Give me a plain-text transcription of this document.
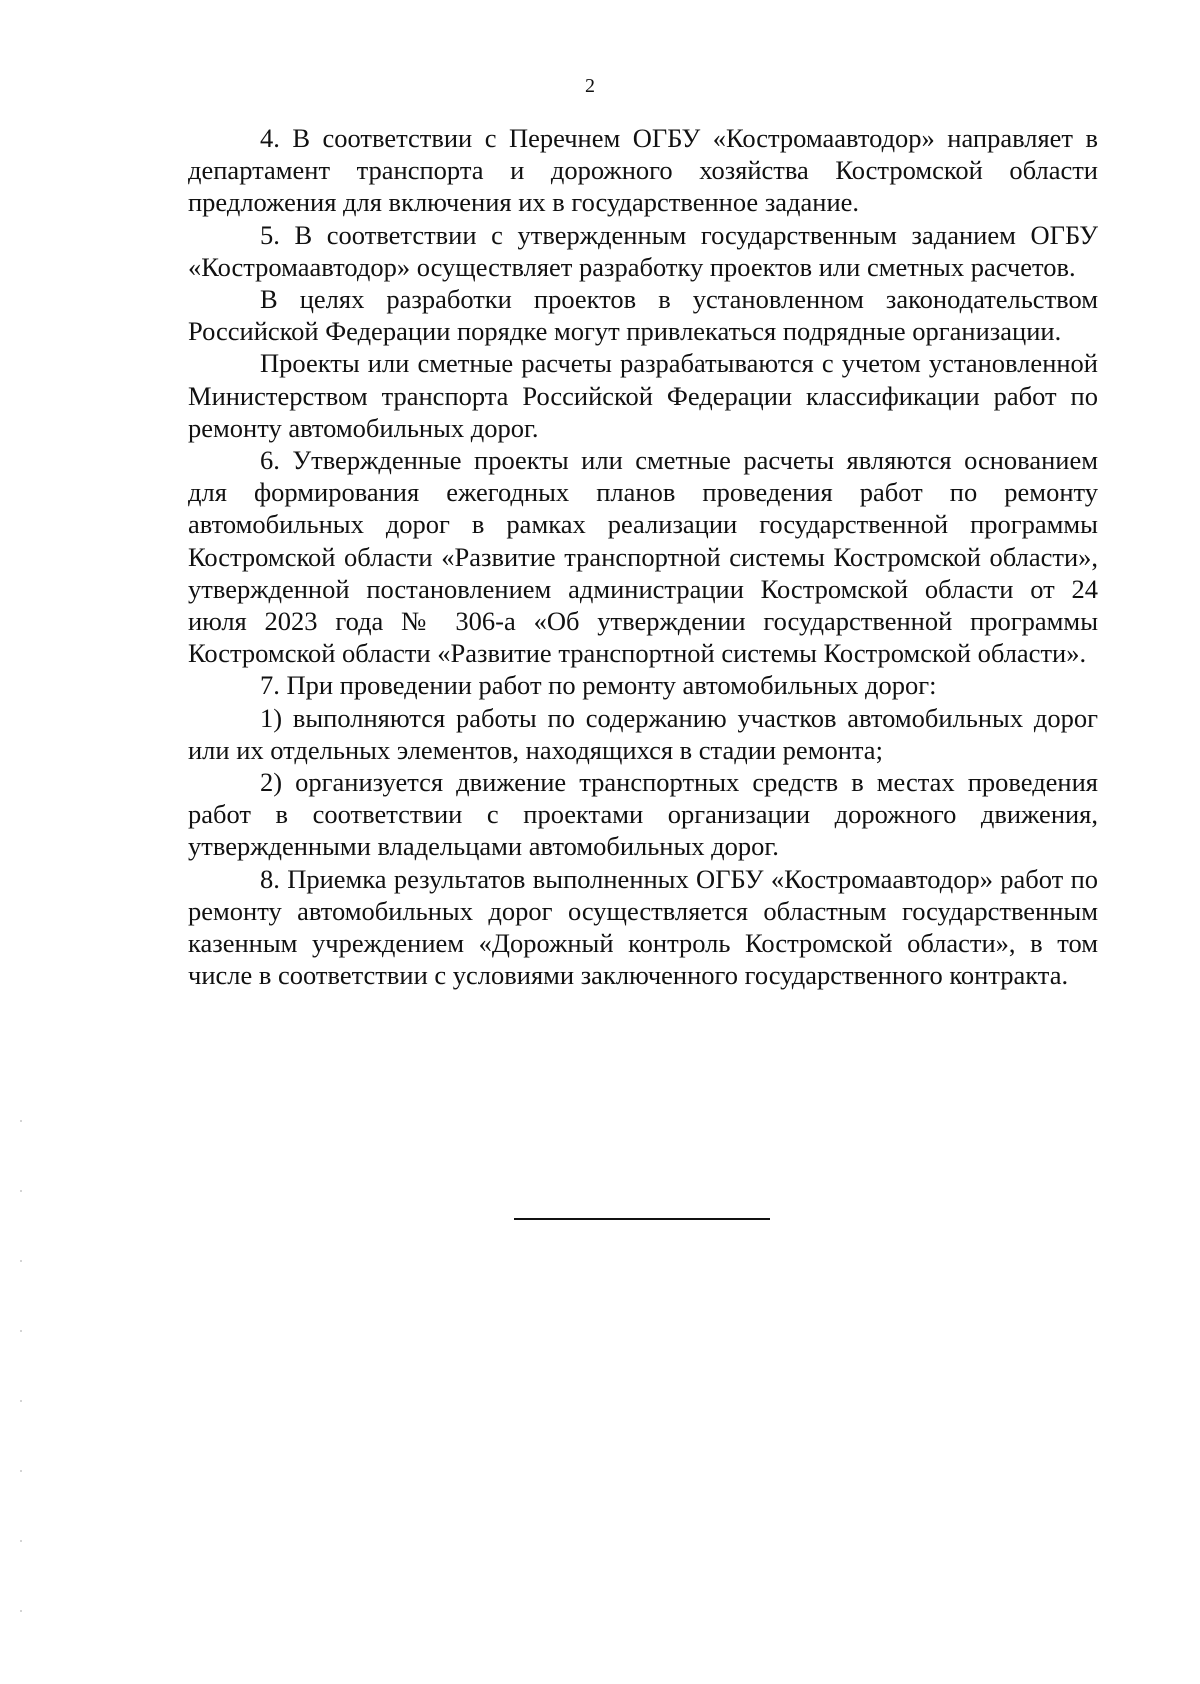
2

4. В соответствии с Перечнем ОГБУ «Костромаавтодор» направляет в департамент транспорта и дорожного хозяйства Костромской области предложения для включения их в государственное задание.

5. В соответствии с утвержденным государственным заданием ОГБУ «Костромаавтодор» осуществляет разработку проектов или сметных расчетов.

В целях разработки проектов в установленном законодательством Российской Федерации порядке могут привлекаться подрядные организации.

Проекты или сметные расчеты разрабатываются с учетом установленной Министерством транспорта Российской Федерации классификации работ по ремонту автомобильных дорог.

6. Утвержденные проекты или сметные расчеты являются основанием для формирования ежегодных планов проведения работ по ремонту автомобильных дорог в рамках реализации государственной программы Костромской области «Развитие транспортной системы Костромской области», утвержденной постановлением администрации Костромской области от 24 июля 2023 года № 306-а «Об утверждении государственной программы Костромской области «Развитие транспортной системы Костромской области».

7. При проведении работ по ремонту автомобильных дорог:

1) выполняются работы по содержанию участков автомобильных дорог или их отдельных элементов, находящихся в стадии ремонта;

2) организуется движение транспортных средств в местах проведения работ в соответствии с проектами организации дорожного движения, утвержденными владельцами автомобильных дорог.

8. Приемка результатов выполненных ОГБУ «Костромаавтодор» работ по ремонту автомобильных дорог осуществляется областным государственным казенным учреждением «Дорожный контроль Костромской области», в том числе в соответствии с условиями заключенного государственного контракта.
